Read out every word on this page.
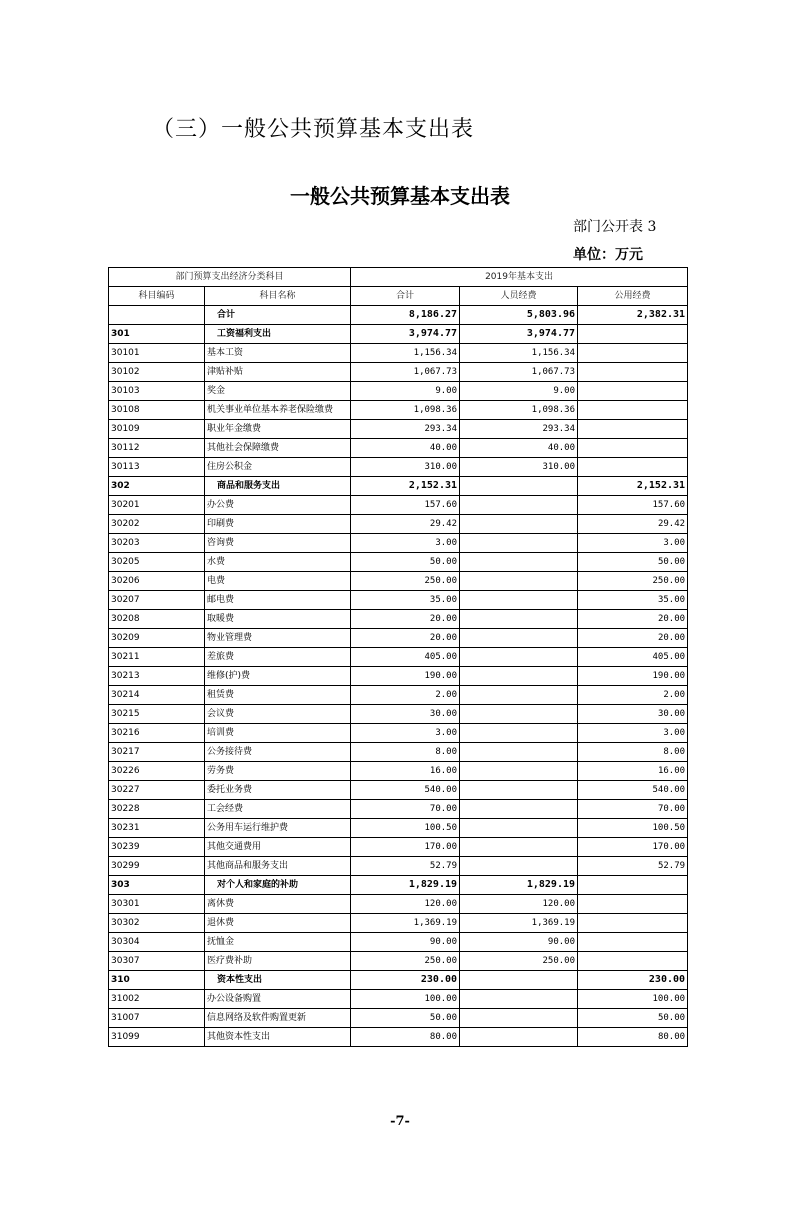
（三）一般公共预算基本支出表
一般公共预算基本支出表
部门公开表 3
单位：万元
部门预算支出经济分类科目		2019年基本支出		
科目编码	科目名称	合计	人员经费	公用经费
	合计	8,186.27	5,803.96	2,382.31
301	工资福利支出	3,974.77	3,974.77	
30101	基本工资	1,156.34	1,156.34	
30102	津贴补贴	1,067.73	1,067.73	
30103	奖金	9.00	9.00	
30108	机关事业单位基本养老保险缴费	1,098.36	1,098.36	
30109	职业年金缴费	293.34	293.34	
30112	其他社会保障缴费	40.00	40.00	
30113	住房公积金	310.00	310.00	
302	商品和服务支出	2,152.31		2,152.31
30201	办公费	157.60		157.60
30202	印刷费	29.42		29.42
30203	咨询费	3.00		3.00
30205	水费	50.00		50.00
30206	电费	250.00		250.00
30207	邮电费	35.00		35.00
30208	取暖费	20.00		20.00
30209	物业管理费	20.00		20.00
30211	差旅费	405.00		405.00
30213	维修(护)费	190.00		190.00
30214	租赁费	2.00		2.00
30215	会议费	30.00		30.00
30216	培训费	3.00		3.00
30217	公务接待费	8.00		8.00
30226	劳务费	16.00		16.00
30227	委托业务费	540.00		540.00
30228	工会经费	70.00		70.00
30231	公务用车运行维护费	100.50		100.50
30239	其他交通费用	170.00		170.00
30299	其他商品和服务支出	52.79		52.79
303	对个人和家庭的补助	1,829.19	1,829.19	
30301	离休费	120.00	120.00	
30302	退休费	1,369.19	1,369.19	
30304	抚恤金	90.00	90.00	
30307	医疗费补助	250.00	250.00	
310	资本性支出	230.00		230.00
31002	办公设备购置	100.00		100.00
31007	信息网络及软件购置更新	50.00		50.00
31099	其他资本性支出	80.00		80.00
-7-
